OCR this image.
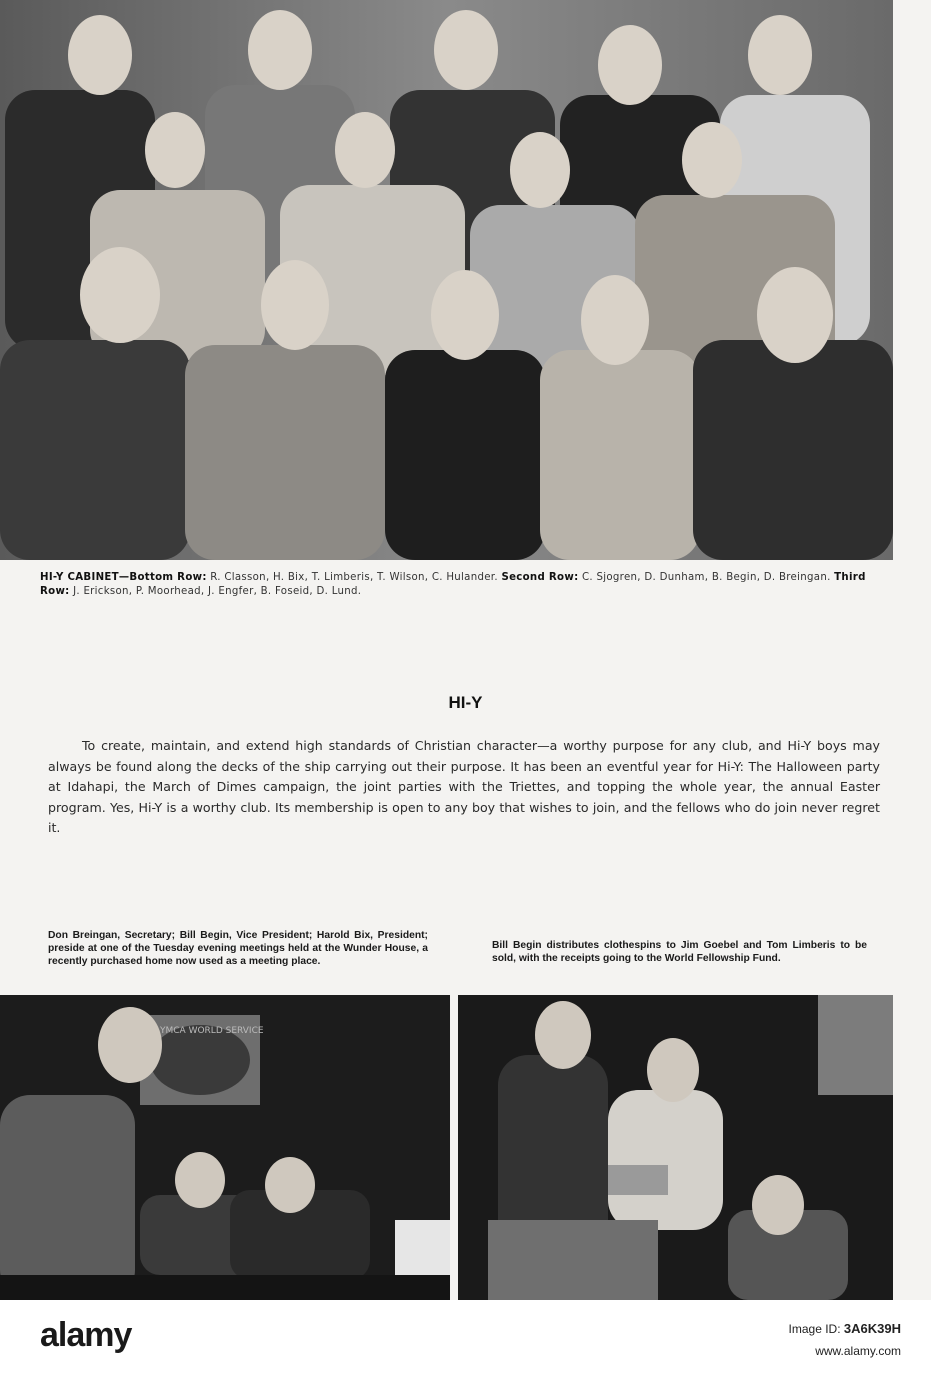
HI-Y CABINET—Bottom Row: R. Classon, H. Bix, T. Limberis, T. Wilson, C. Hulander. Second Row: C. Sjogren, D. Dunham, B. Begin, D. Breingan. Third Row: J. Erickson, P. Moorhead, J. Engfer, B. Foseid, D. Lund.
HI-Y
To create, maintain, and extend high standards of Christian character—a worthy purpose for any club, and Hi-Y boys may always be found along the decks of the ship carrying out their purpose. It has been an eventful year for Hi-Y: The Halloween party at Idahapi, the March of Dimes campaign, the joint parties with the Triettes, and topping the whole year, the annual Easter program. Yes, Hi-Y is a worthy club. Its membership is open to any boy that wishes to join, and the fellows who do join never regret it.
Don Breingan, Secretary; Bill Begin, Vice President; Harold Bix, President; preside at one of the Tuesday evening meetings held at the Wunder House, a recently purchased home now used as a meeting place.
Bill Begin distributes clothespins to Jim Goebel and Tom Limberis to be sold, with the receipts going to the World Fellowship Fund.
YMCA WORLD SERVICE
alamy	Image ID: 3A6K39H
www.alamy.com
